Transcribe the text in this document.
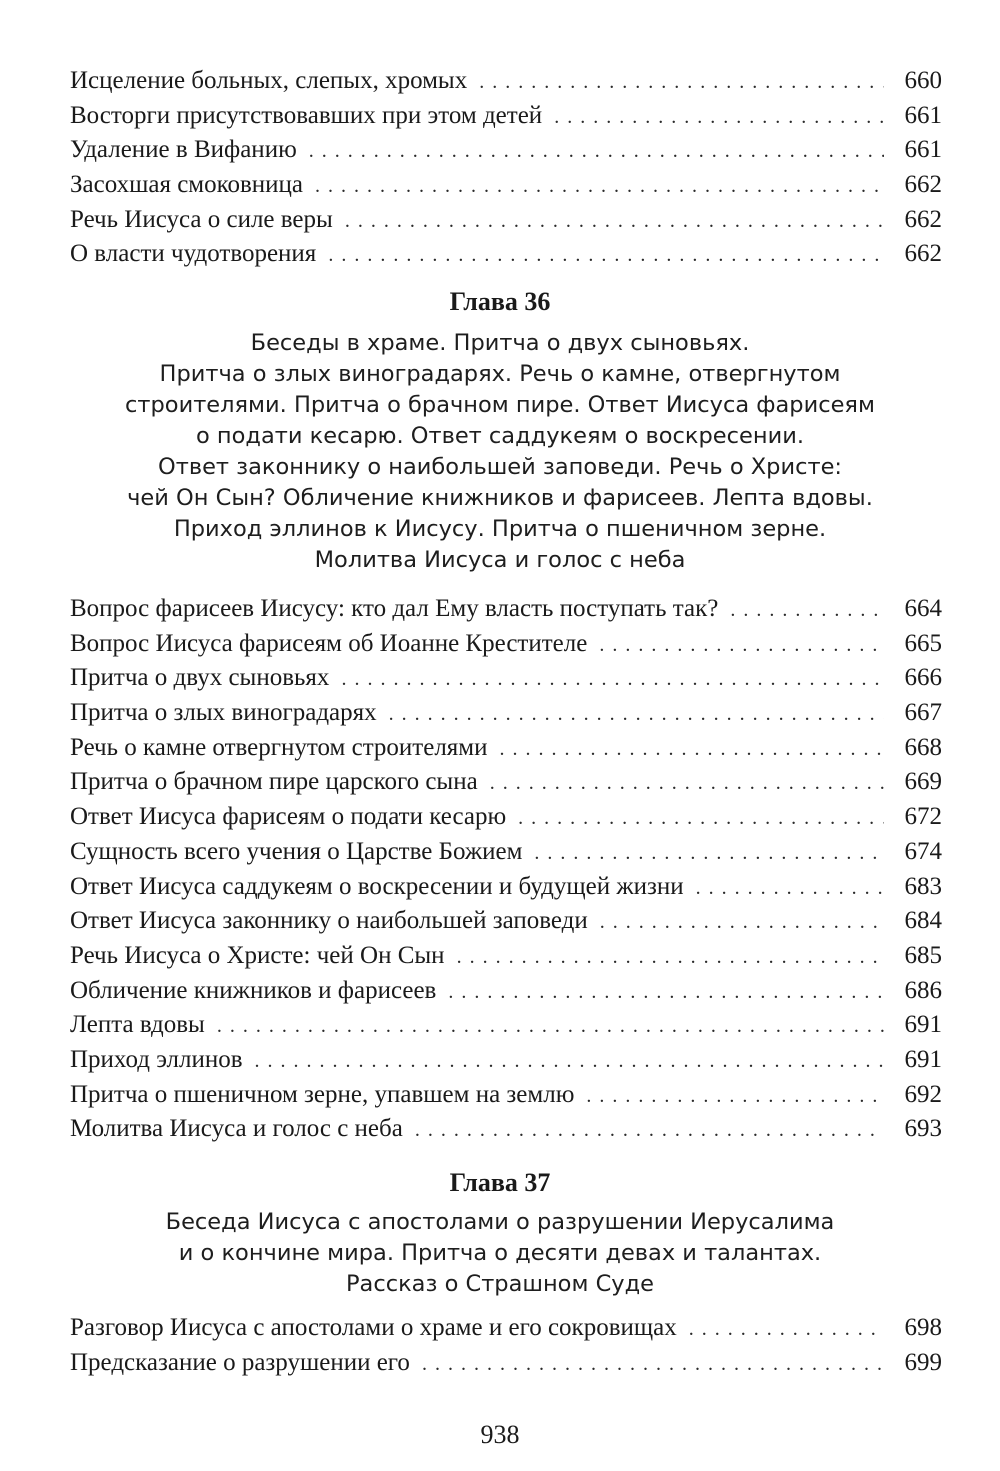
Исцеление больных, слепых, хромых . . .	660
Восторги присутствовавших при этом детей . . .	661
Удаление в Вифанию . . .	661
Засохшая смоковница . . .	662
Речь Иисуса о силе веры . . .	662
О власти чудотворения . . .	662
Глава 36
Беседы в храме. Притча о двух сыновьях.
Притча о злых виноградарях. Речь о камне, отвергнутом
строителями. Притча о брачном пире. Ответ Иисуса фарисеям
о подати кесарю. Ответ саддукеям о воскресении.
Ответ законнику о наибольшей заповеди. Речь о Христе:
чей Он Сын? Обличение книжников и фарисеев. Лепта вдовы.
Приход эллинов к Иисусу. Притча о пшеничном зерне.
Молитва Иисуса и голос с неба
Вопрос фарисеев Иисусу: кто дал Ему власть поступать так? . . .	664
Вопрос Иисуса фарисеям об Иоанне Крестителе . . .	665
Притча о двух сыновьях . . .	666
Притча о злых виноградарях . . .	667
Речь о камне отвергнутом строителями . . .	668
Притча о брачном пире царского сына . . .	669
Ответ Иисуса фарисеям о подати кесарю . . .	672
Сущность всего учения о Царстве Божием . . .	674
Ответ Иисуса саддукеям о воскресении и будущей жизни . . .	683
Ответ Иисуса законнику о наибольшей заповеди . . .	684
Речь Иисуса о Христе: чей Он Сын . . .	685
Обличение книжников и фарисеев . . .	686
Лепта вдовы . . .	691
Приход эллинов . . .	691
Притча о пшеничном зерне, упавшем на землю . . .	692
Молитва Иисуса и голос с неба . . .	693
Глава 37
Беседа Иисуса с апостолами о разрушении Иерусалима
и о кончине мира. Притча о десяти девах и талантах.
Рассказ о Страшном Суде
Разговор Иисуса с апостолами о храме и его сокровищах . . .	698
Предсказание о разрушении его . . .	699
938
